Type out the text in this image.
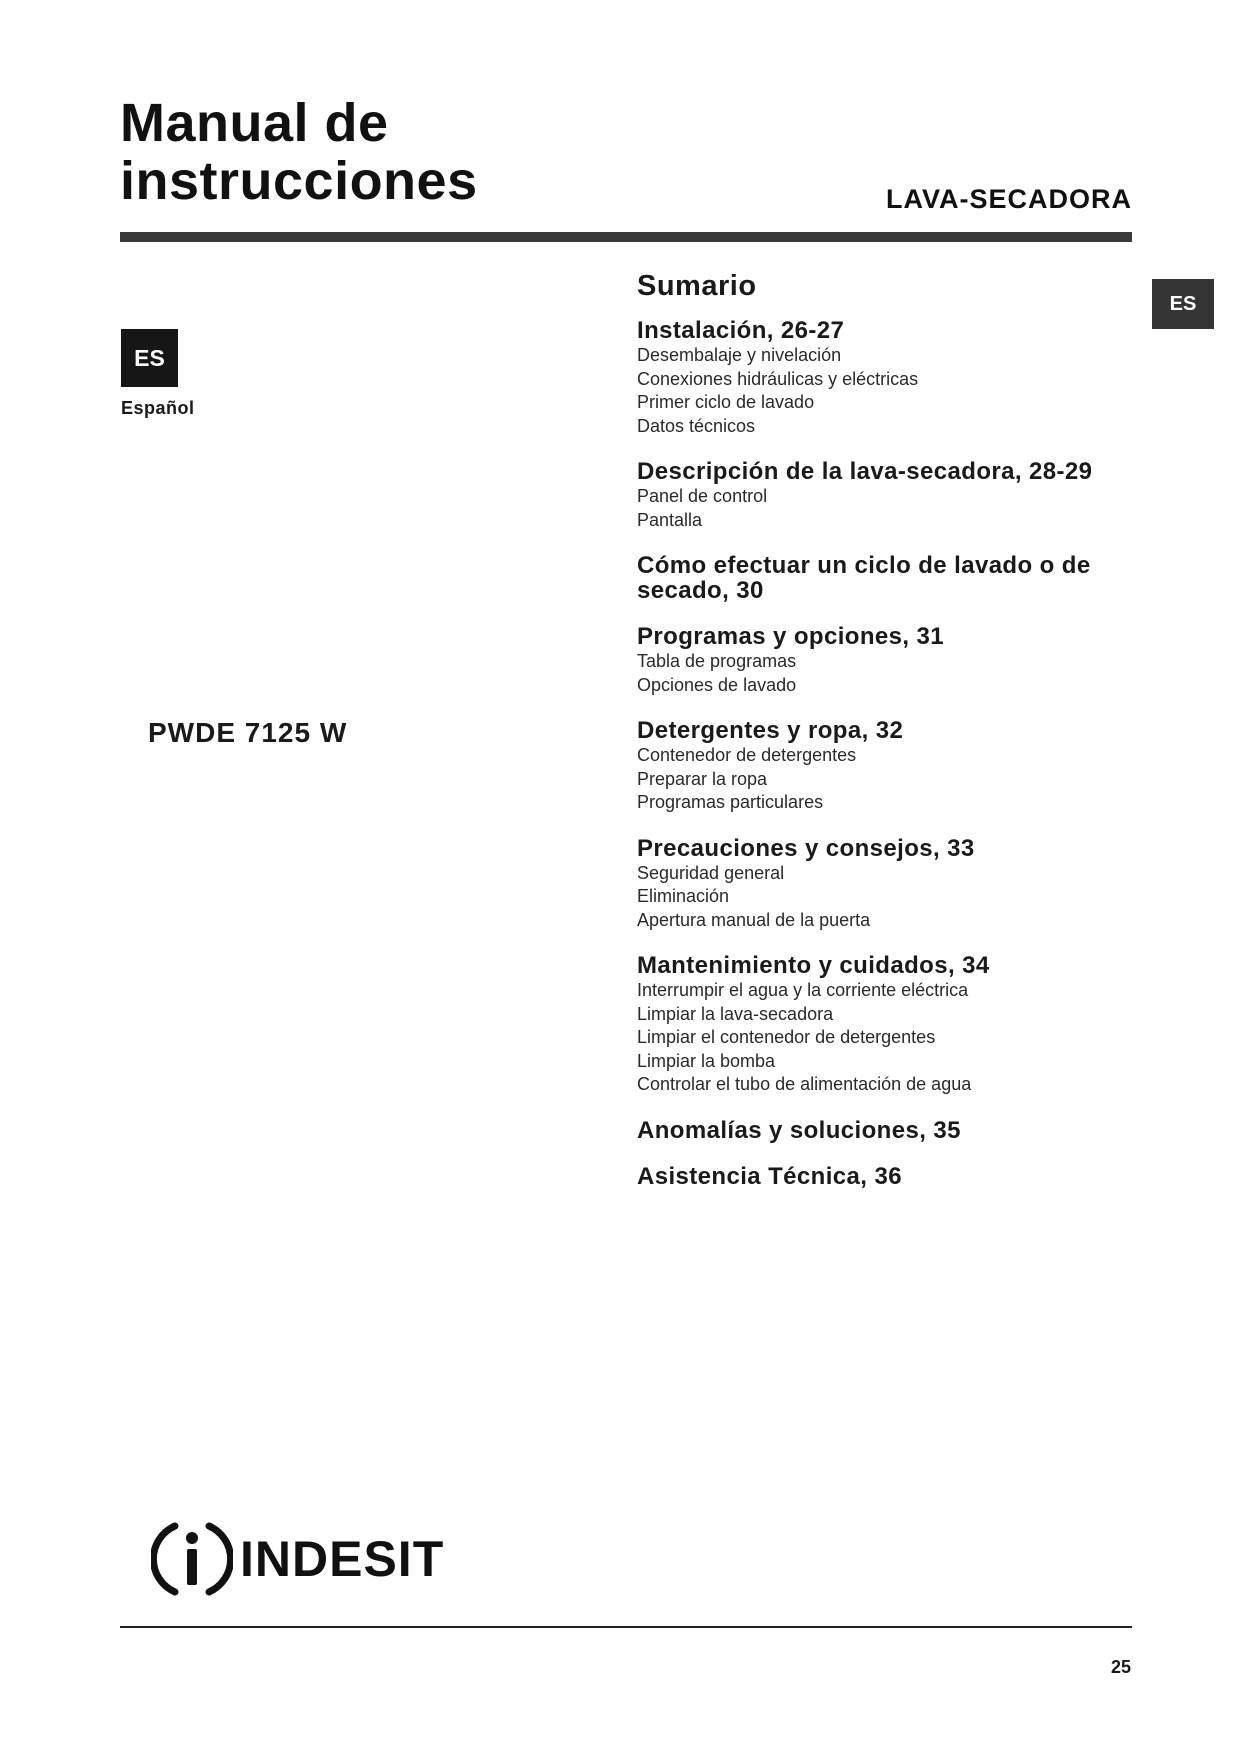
Manual de
instrucciones	LAVA-SECADORA
ES
Español
ES
PWDE 7125 W
Sumario
Instalación, 26-27
Desembalaje y nivelación
Conexiones hidráulicas y eléctricas
Primer ciclo de lavado
Datos técnicos
Descripción de la lava-secadora, 28-29
Panel de control
Pantalla
Cómo efectuar un ciclo de lavado o de secado, 30
Programas y opciones, 31
Tabla de programas
Opciones de lavado
Detergentes y ropa, 32
Contenedor de detergentes
Preparar la ropa
Programas particulares
Precauciones y consejos, 33
Seguridad general
Eliminación
Apertura manual de la puerta
Mantenimiento y cuidados, 34
Interrumpir el agua y la corriente eléctrica
Limpiar la lava-secadora
Limpiar el contenedor de detergentes
Limpiar la bomba
Controlar el tubo de alimentación de agua
Anomalías y soluciones, 35
Asistencia Técnica, 36
INDESIT
25
